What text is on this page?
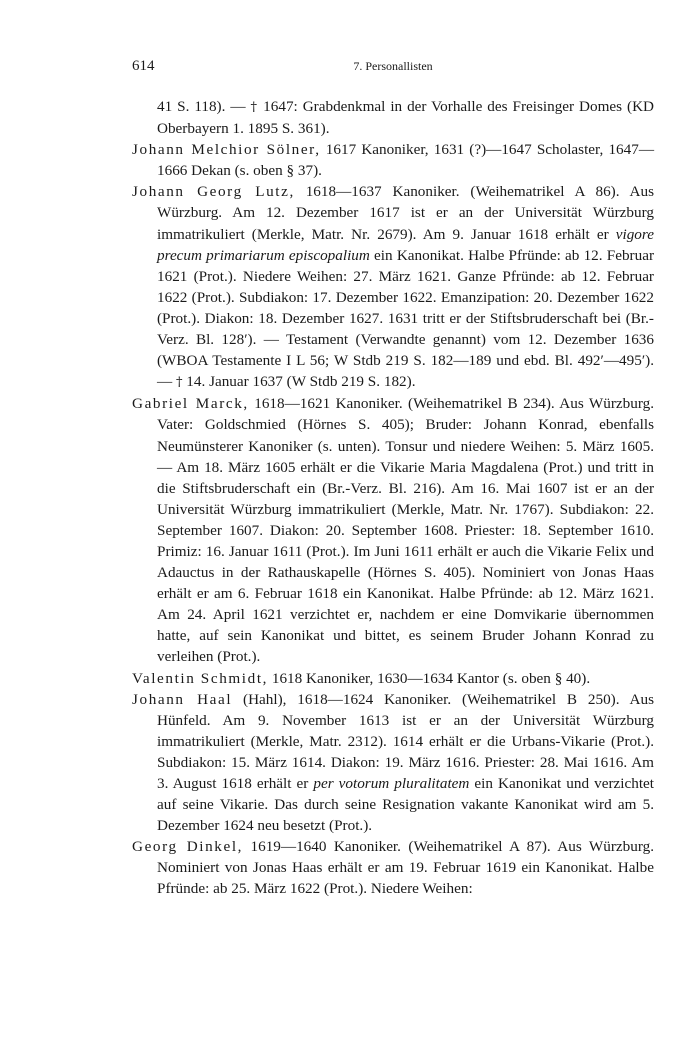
614	7. Personallisten

41 S. 118). — † 1647: Grabdenkmal in der Vorhalle des Freisinger Domes (KD Oberbayern 1. 1895 S. 361).

Johann Melchior Sölner, 1617 Kanoniker, 1631 (?)—1647 Scholaster, 1647—1666 Dekan (s. oben § 37).

Johann Georg Lutz, 1618—1637 Kanoniker. (Weihematrikel A 86). Aus Würzburg. Am 12. Dezember 1617 ist er an der Universität Würzburg immatrikuliert (Merkle, Matr. Nr. 2679). Am 9. Januar 1618 erhält er vigore precum primariarum episcopalium ein Kanonikat. Halbe Pfründe: ab 12. Februar 1621 (Prot.). Niedere Weihen: 27. März 1621. Ganze Pfründe: ab 12. Februar 1622 (Prot.). Subdiakon: 17. Dezember 1622. Emanzipation: 20. Dezember 1622 (Prot.). Diakon: 18. Dezember 1627. 1631 tritt er der Stiftsbruderschaft bei (Br.-Verz. Bl. 128′). — Testament (Verwandte genannt) vom 12. Dezember 1636 (WBOA Testamente I L 56; W Stdb 219 S. 182—189 und ebd. Bl. 492′—495′). — † 14. Januar 1637 (W Stdb 219 S. 182).

Gabriel Marck, 1618—1621 Kanoniker. (Weihematrikel B 234). Aus Würzburg. Vater: Goldschmied (Hörnes S. 405); Bruder: Johann Konrad, ebenfalls Neumünsterer Kanoniker (s. unten). Tonsur und niedere Weihen: 5. März 1605. — Am 18. März 1605 erhält er die Vikarie Maria Magdalena (Prot.) und tritt in die Stiftsbruderschaft ein (Br.-Verz. Bl. 216). Am 16. Mai 1607 ist er an der Universität Würzburg immatrikuliert (Merkle, Matr. Nr. 1767). Subdiakon: 22. September 1607. Diakon: 20. September 1608. Priester: 18. September 1610. Primiz: 16. Januar 1611 (Prot.). Im Juni 1611 erhält er auch die Vikarie Felix und Adauctus in der Rathauskapelle (Hörnes S. 405). Nominiert von Jonas Haas erhält er am 6. Februar 1618 ein Kanonikat. Halbe Pfründe: ab 12. März 1621. Am 24. April 1621 verzichtet er, nachdem er eine Domvikarie übernommen hatte, auf sein Kanonikat und bittet, es seinem Bruder Johann Konrad zu verleihen (Prot.).

Valentin Schmidt, 1618 Kanoniker, 1630—1634 Kantor (s. oben § 40).

Johann Haal (Hahl), 1618—1624 Kanoniker. (Weihematrikel B 250). Aus Hünfeld. Am 9. November 1613 ist er an der Universität Würzburg immatrikuliert (Merkle, Matr. 2312). 1614 erhält er die Urbans-Vikarie (Prot.). Subdiakon: 15. März 1614. Diakon: 19. März 1616. Priester: 28. Mai 1616. Am 3. August 1618 erhält er per votorum pluralitatem ein Kanonikat und verzichtet auf seine Vikarie. Das durch seine Resignation vakante Kanonikat wird am 5. Dezember 1624 neu besetzt (Prot.).

Georg Dinkel, 1619—1640 Kanoniker. (Weihematrikel A 87). Aus Würzburg. Nominiert von Jonas Haas erhält er am 19. Februar 1619 ein Kanonikat. Halbe Pfründe: ab 25. März 1622 (Prot.). Niedere Weihen:
